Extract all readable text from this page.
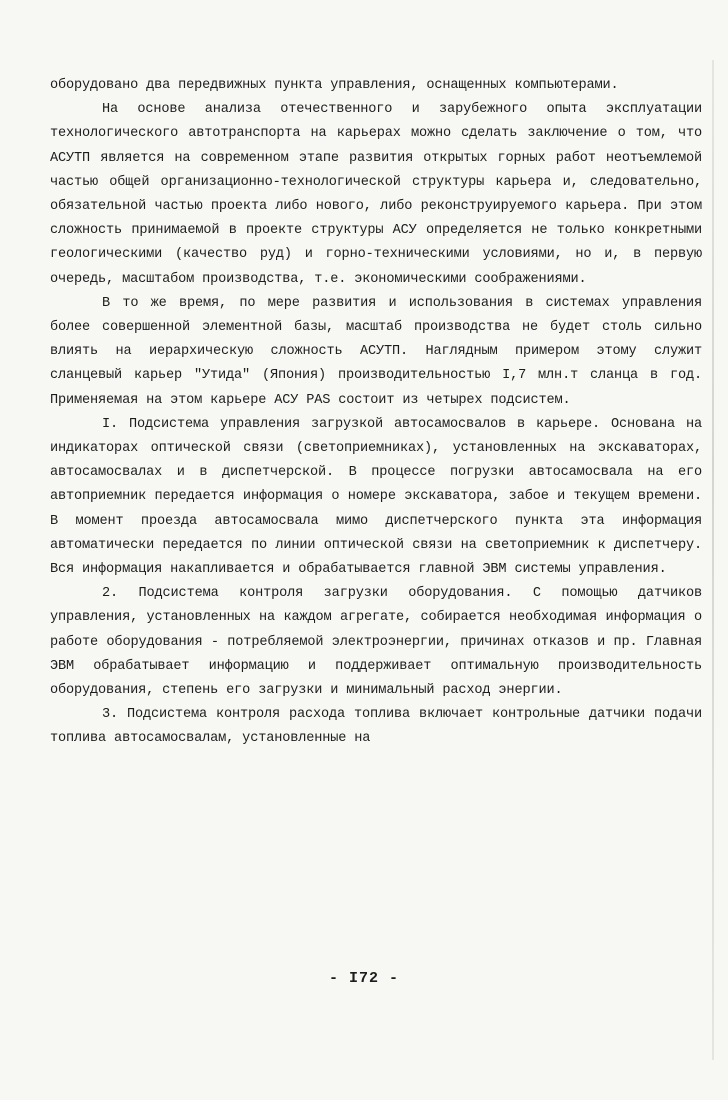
оборудовано два передвижных пункта управления, оснащенных компьютерами.

На основе анализа отечественного и зарубежного опыта эксплуатации технологического автотранспорта на карьерах можно сделать заключение о том, что АСУТП является на современном этапе развития открытых горных работ неотъемлемой частью общей организационно-технологической структуры карьера и, следовательно, обязательной частью проекта либо нового, либо реконструируемого карьера. При этом сложность принимаемой в проекте структуры АСУ определяется не только конкретными геологическими (качество руд) и горно-техническими условиями, но и, в первую очередь, масштабом производства, т.е. экономическими соображениями.

В то же время, по мере развития и использования в системах управления более совершенной элементной базы, масштаб производства не будет столь сильно влиять на иерархическую сложность АСУТП. Наглядным примером этому служит сланцевый карьер "Утида" (Япония) производительностью I,7 млн.т сланца в год. Применяемая на этом карьере АСУ PAS состоит из четырех подсистем.

I. Подсистема управления загрузкой автосамосвалов в карьере. Основана на индикаторах оптической связи (светоприемниках), установленных на экскаваторах, автосамосвалах и в диспетчерской. В процессе погрузки автосамосвала на его автоприемник передается информация о номере экскаватора, забое и текущем времени. В момент проезда автосамосвала мимо диспетчерского пункта эта информация автоматически передается по линии оптической связи на светоприемник к диспетчеру. Вся информация накапливается и обрабатывается главной ЭВМ системы управления.

2. Подсистема контроля загрузки оборудования. С помощью датчиков управления, установленных на каждом агрегате, собирается необходимая информация о работе оборудования - потребляемой электроэнергии, причинах отказов и пр. Главная ЭВМ обрабатывает информацию и поддерживает оптимальную производительность оборудования, степень его загрузки и минимальный расход энергии.

3. Подсистема контроля расхода топлива включает контрольные датчики подачи топлива автосамосвалам, установленные на

- I72 -
